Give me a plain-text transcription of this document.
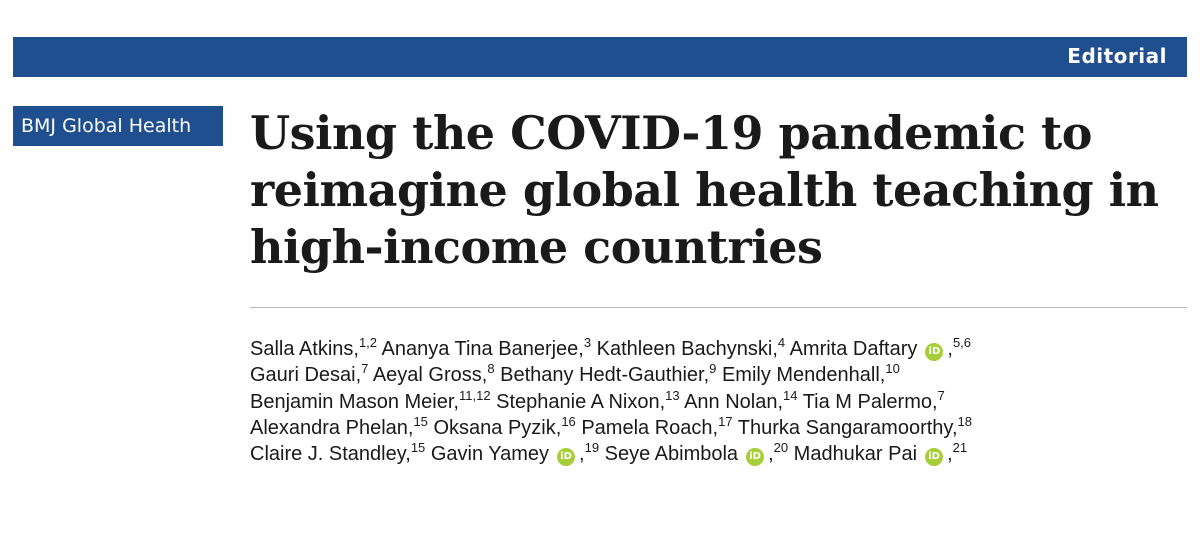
Editorial
BMJ Global Health Using the COVID-19 pandemic to
reimagine global health teaching in
high-income countries
Salla Atkins,$^{1,2}$ Ananya Tina Banerjee,$^3$ Kathleen Bachynski,$^4$ Amrita Daftary iD ,$^{5,6}$
Gauri Desai,$^7$ Aeyal Gross,$^8$ Bethany Hedt-Gauthier,$^9$ Emily Mendenhall,$^{10}$
Benjamin Mason Meier,$^{11,12}$ Stephanie A Nixon,$^{13}$ Ann Nolan,$^{14}$ Tia M Palermo,$^7$
Alexandra Phelan,$^{15}$ Oksana Pyzik,$^{16}$ Pamela Roach,$^{17}$ Thurka Sangaramoorthy,$^{18}$
Claire J. Standley,$^{15}$ Gavin Yamey iD ,$^{19}$ Seye Abimbola iD ,$^{20}$ Madhukar Pai iD ,$^{21}$
